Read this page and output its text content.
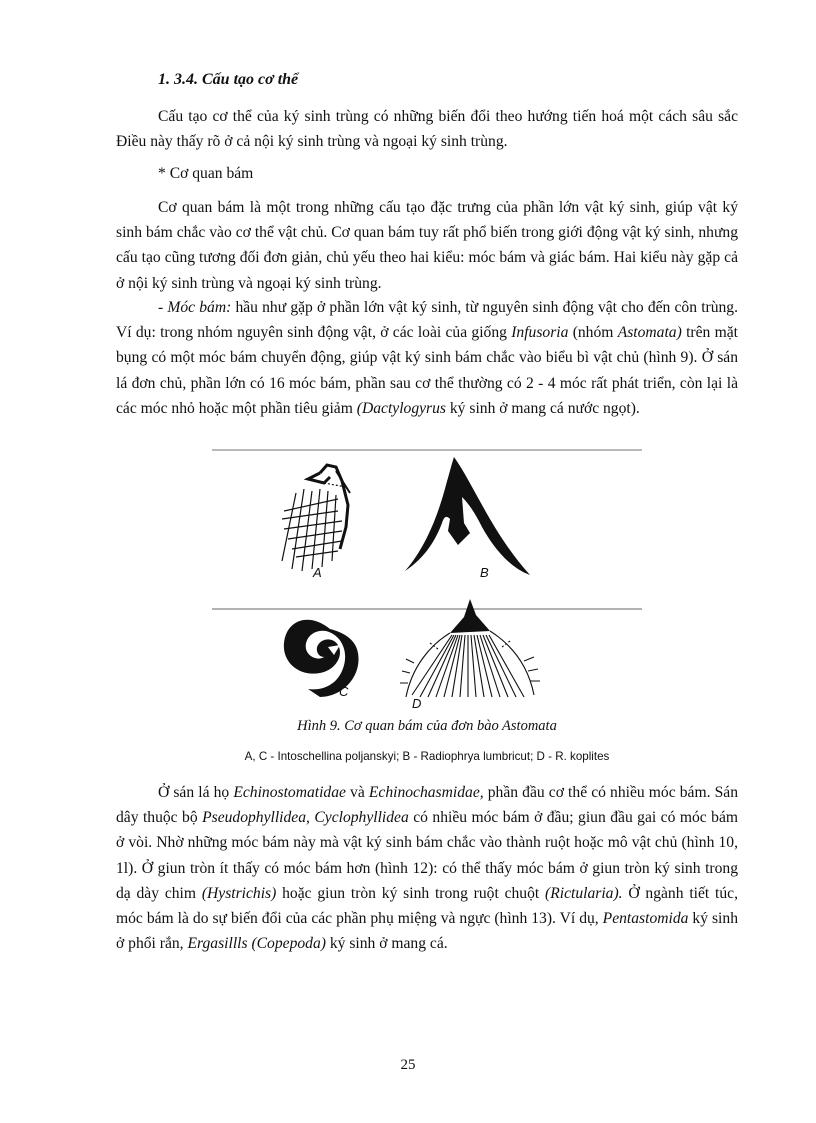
1. 3.4. Cấu tạo cơ thể

Cấu tạo cơ thể của ký sinh trùng có những biến đổi theo hướng tiến hoá một cách sâu sắc Điều này thấy rõ ở cả nội ký sinh trùng và ngoại ký sinh trùng.

* Cơ quan bám

Cơ quan bám là một trong những cấu tạo đặc trưng của phần lớn vật ký sinh, giúp vật ký sinh bám chắc vào cơ thể vật chủ. Cơ quan bám tuy rất phổ biến trong giới động vật ký sinh, nhưng cấu tạo cũng tương đối đơn giản, chủ yếu theo hai kiểu: móc bám và giác bám. Hai kiểu này gặp cả ở nội ký sinh trùng và ngoại ký sinh trùng.

- Móc bám: hầu như gặp ở phần lớn vật ký sinh, từ nguyên sinh động vật cho đến côn trùng. Ví dụ: trong nhóm nguyên sinh động vật, ở các loài của giống Infusoria (nhóm Astomata) trên mặt bụng có một móc bám chuyển động, giúp vật ký sinh bám chắc vào biểu bì vật chủ (hình 9). Ở sán lá đơn chủ, phần lớn có 16 móc bám, phần sau cơ thể thường có 2 - 4 móc rất phát triển, còn lại là các móc nhỏ hoặc một phần tiêu giảm (Dactylogyrus ký sinh ở mang cá nước ngọt).

A	B
C
D
Hình 9. Cơ quan bám của đơn bào Astomata
A, C - Intoschellina poljanskyi; B - Radiophrya lumbricut; D - R. koplites

Ở sán lá họ Echinostomatidae và Echinochasmidae, phần đầu cơ thể có nhiều móc bám. Sán dây thuộc bộ Pseudophyllidea, Cyclophyllidea có nhiều móc bám ở đầu; giun đầu gai có móc bám ở vòi. Nhờ những móc bám này mà vật ký sinh bám chắc vào thành ruột hoặc mô vật chủ (hình 10, 1l). Ở giun tròn ít thấy có móc bám hơn (hình 12): có thể thấy móc bám ở giun tròn ký sinh trong dạ dày chim (Hystrichis) hoặc giun tròn ký sinh trong ruột chuột (Rictularia). Ở ngành tiết túc, móc bám là do sự biến đổi của các phần phụ miệng và ngực (hình 13). Ví dụ, Pentastomida ký sinh ở phổi rắn, Ergasillls (Copepoda) ký sinh ở mang cá.

25
